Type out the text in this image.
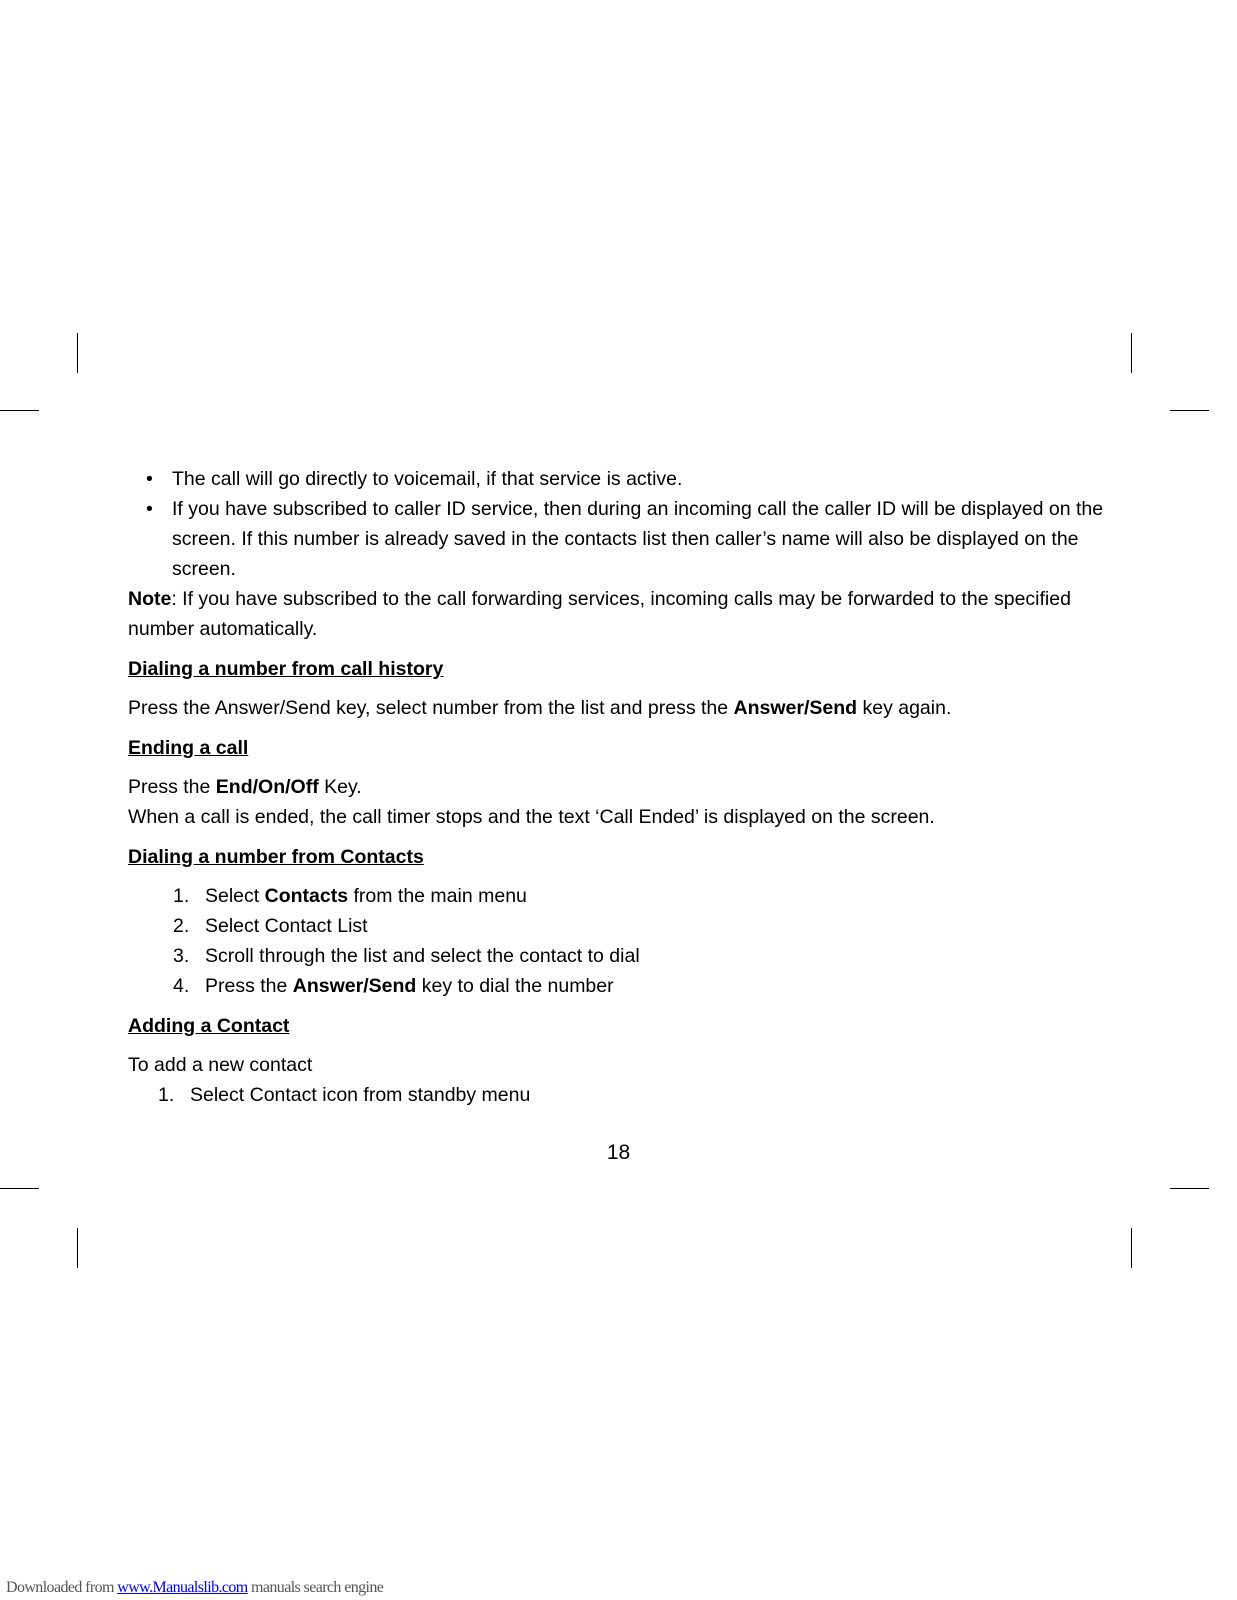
• The call will go directly to voicemail, if that service is active.
• If you have subscribed to caller ID service, then during an incoming call the caller ID will be displayed on the screen. If this number is already saved in the contacts list then caller’s name will also be displayed on the screen.

Note: If you have subscribed to the call forwarding services, incoming calls may be forwarded to the specified number automatically.

Dialing a number from call history

Press the Answer/Send key, select number from the list and press the Answer/Send key again.

Ending a call

Press the End/On/Off Key.

When a call is ended, the call timer stops and the text ‘Call Ended’ is displayed on the screen.

Dialing a number from Contacts

1. Select Contacts from the main menu
2. Select Contact List
3. Scroll through the list and select the contact to dial
4. Press the Answer/Send key to dial the number

Adding a Contact

To add a new contact

1. Select Contact icon from standby menu
18
Downloaded from www.Manualslib.com manuals search engine
